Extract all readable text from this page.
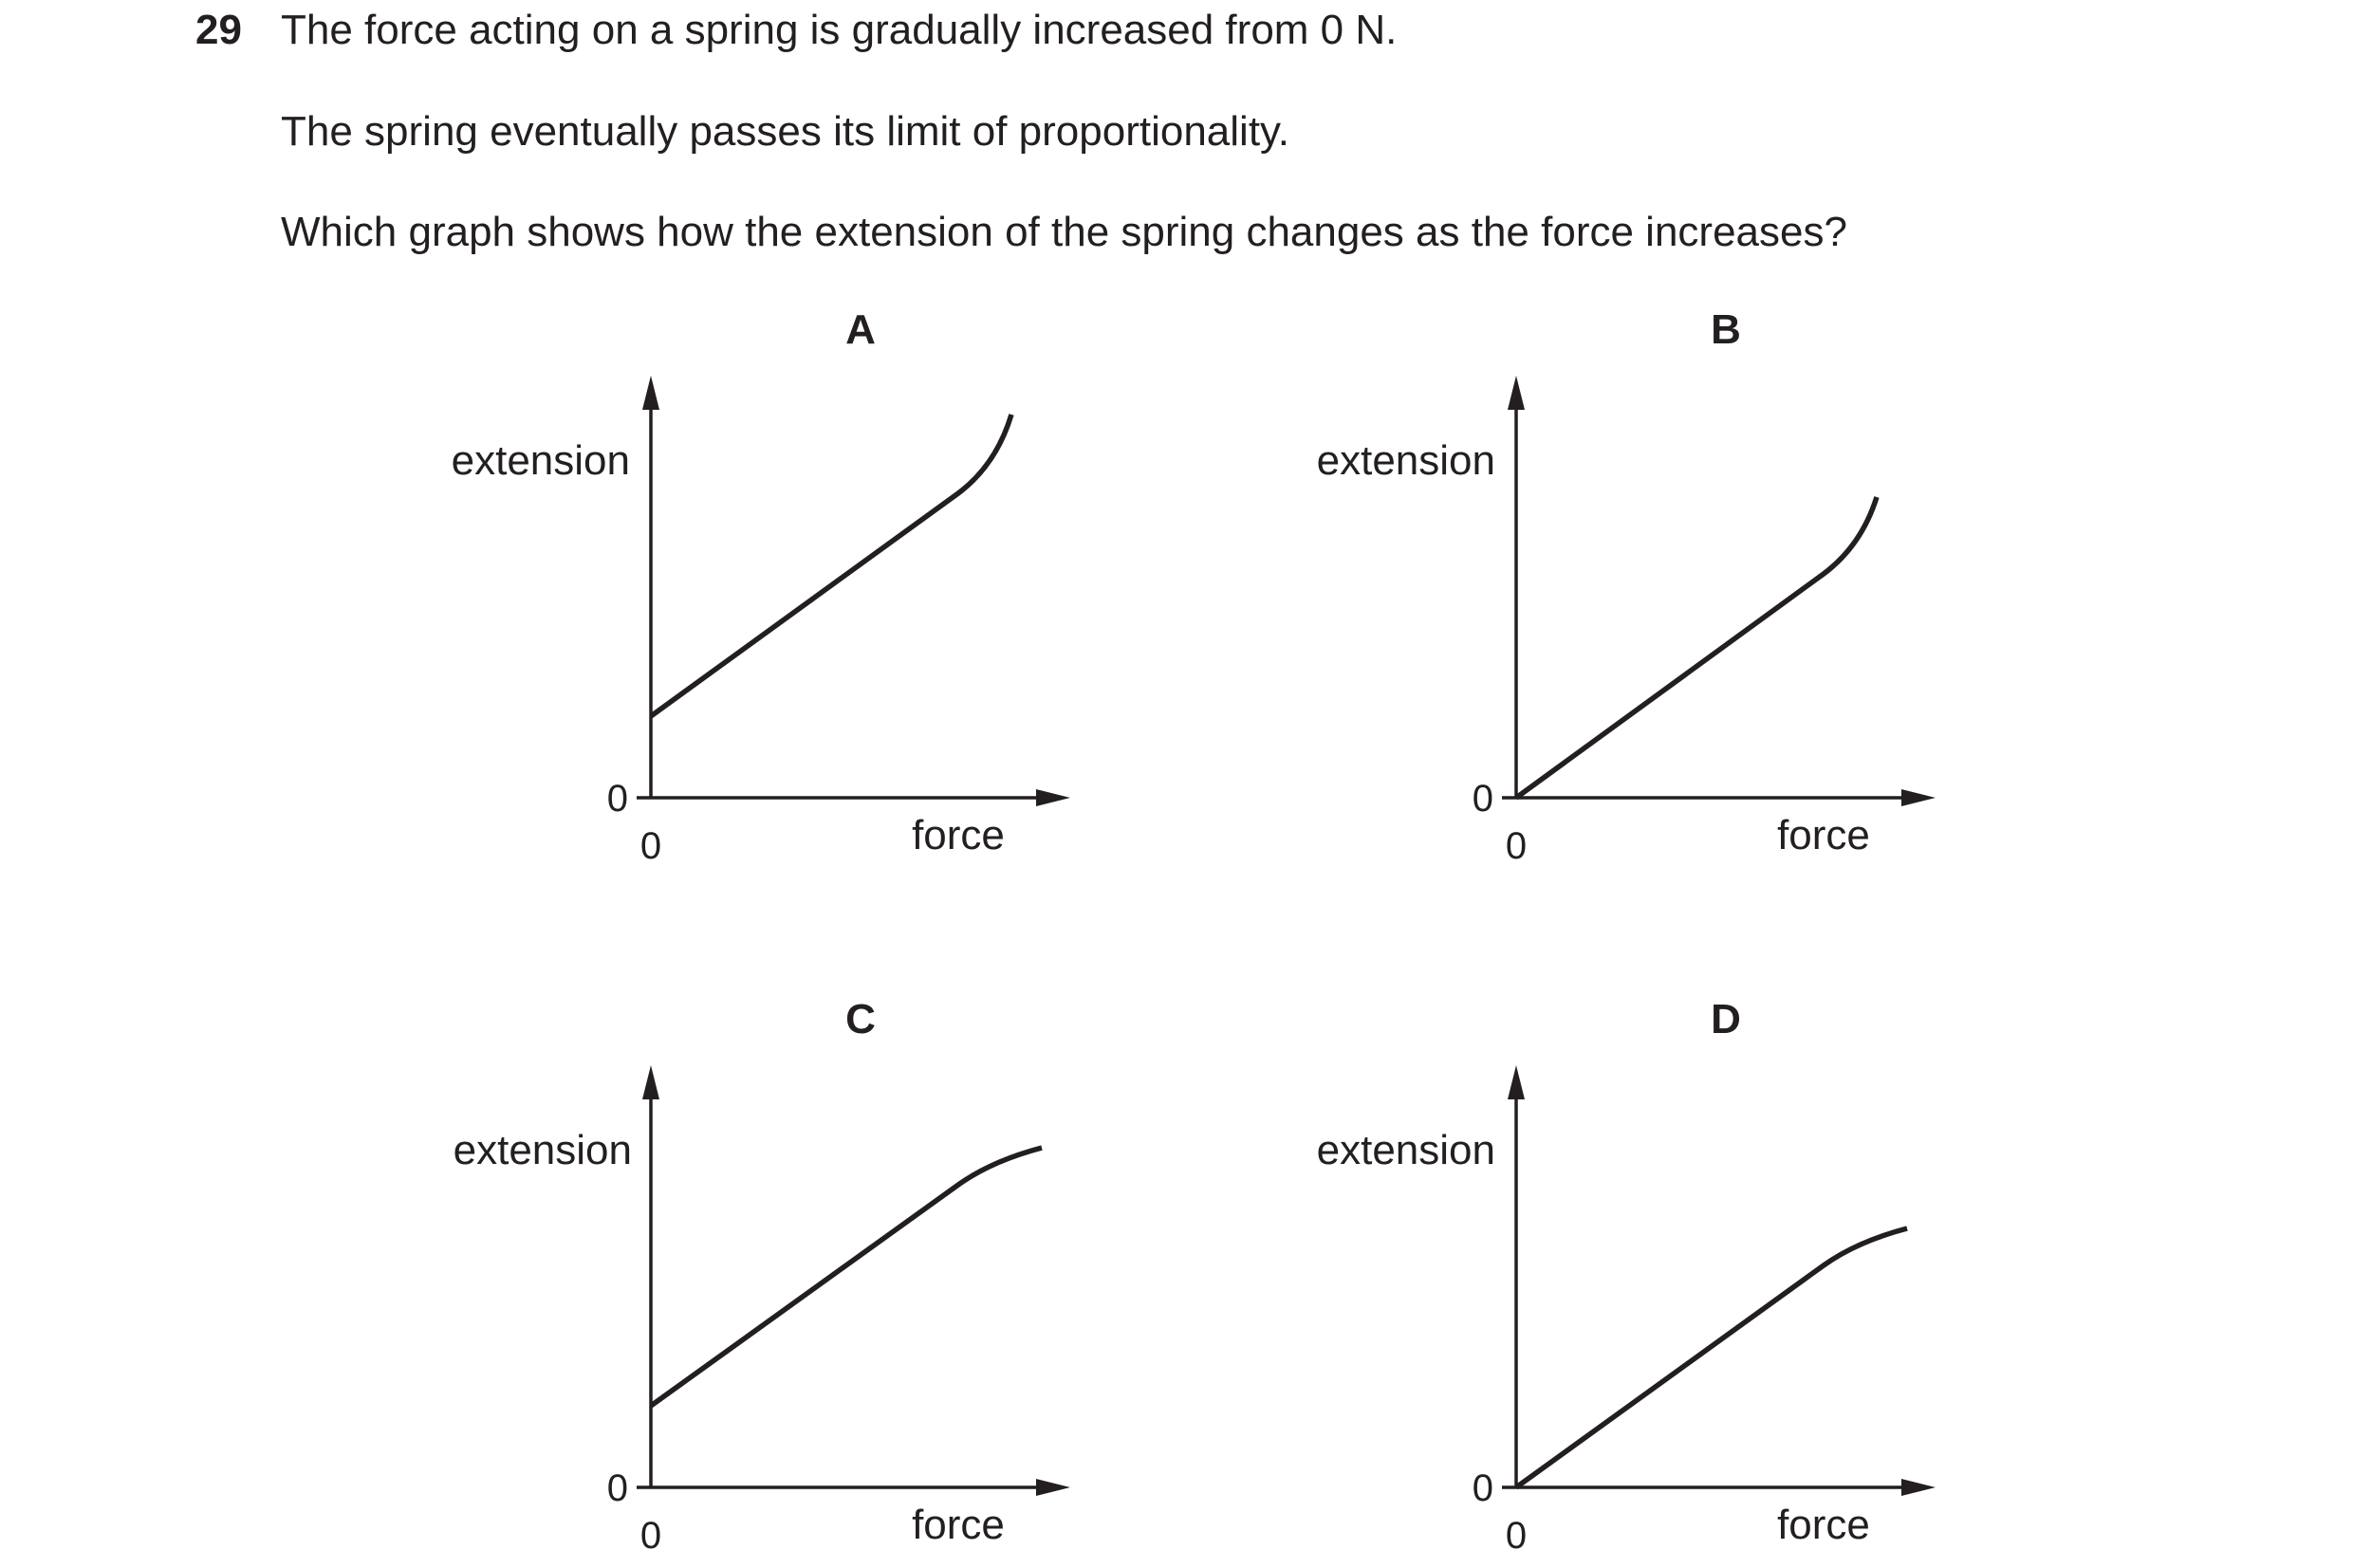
29 The force acting on a spring is gradually increased from 0 N.
The spring eventually passes its limit of proportionality.
Which graph shows how the extension of the spring changes as the force increases?
A
extension
force
0
0
B
extension
force
0
0
C
extension
force
0
0
D
extension
force
0
0
